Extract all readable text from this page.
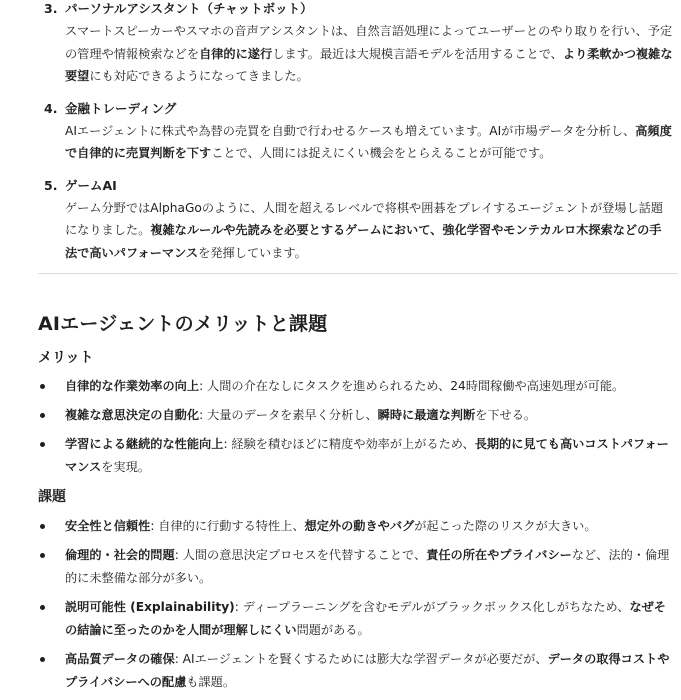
3. パーソナルアシスタント（チャットボット）
スマートスピーカーやスマホの音声アシスタントは、自然言語処理によってユーザーとのやり取りを行い、予定の管理や情報検索などを自律的に遂行します。最近は大規模言語モデルを活用することで、より柔軟かつ複雑な要望にも対応できるようになってきました。
4. 金融トレーディング
AIエージェントに株式や為替の売買を自動で行わせるケースも増えています。AIが市場データを分析し、高頻度で自律的に売買判断を下すことで、人間には捉えにくい機会をとらえることが可能です。
5. ゲームAI
ゲーム分野ではAlphaGoのように、人間を超えるレベルで将棋や囲碁をプレイするエージェントが登場し話題になりました。複雑なルールや先読みを必要とするゲームにおいて、強化学習やモンテカルロ木探索などの手法で高いパフォーマンスを発揮しています。
AIエージェントのメリットと課題
メリット
自律的な作業効率の向上: 人間の介在なしにタスクを進められるため、24時間稼働や高速処理が可能。
複雑な意思決定の自動化: 大量のデータを素早く分析し、瞬時に最適な判断を下せる。
学習による継続的な性能向上: 経験を積むほどに精度や効率が上がるため、長期的に見ても高いコストパフォーマンスを実現。
課題
安全性と信頼性: 自律的に行動する特性上、想定外の動きやバグが起こった際のリスクが大きい。
倫理的・社会的問題: 人間の意思決定プロセスを代替することで、責任の所在やプライバシーなど、法的・倫理的に未整備な部分が多い。
説明可能性 (Explainability): ディープラーニングを含むモデルがブラックボックス化しがちなため、なぜその結論に至ったのかを人間が理解しにくい問題がある。
高品質データの確保: AIエージェントを賢くするためには膨大な学習データが必要だが、データの取得コストやプライバシーへの配慮も課題。
